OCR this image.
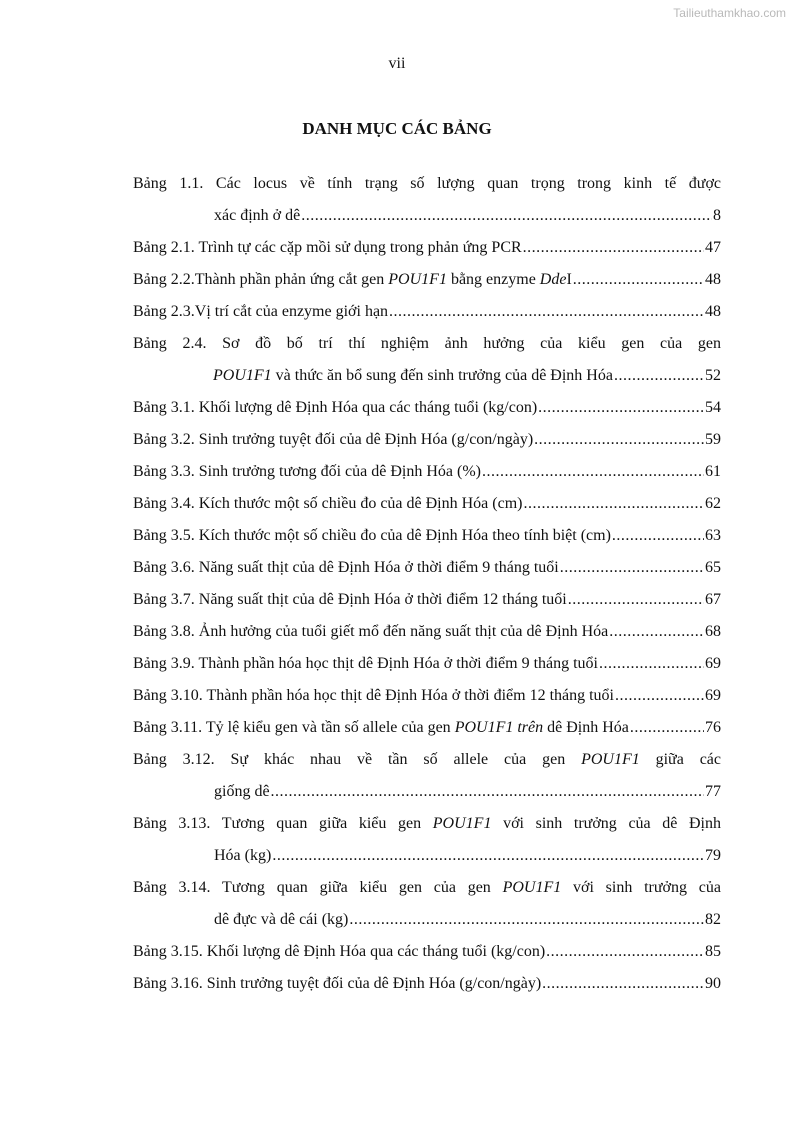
Tailieuthamkhao.com
vii
DANH MỤC CÁC BẢNG
Bảng 1.1. Các locus về tính trạng số lượng quan trọng trong kinh tế được
xác định ở dê .....	8
Bảng 2.1. Trình tự các cặp mồi sử dụng trong phản ứng PCR .....	47
Bảng 2.2.Thành phần phản ứng cắt gen POU1F1 bằng enzyme DdeI .....	48
Bảng 2.3.Vị trí cắt của enzyme giới hạn .....	48
Bảng 2.4. Sơ đồ bố trí thí nghiệm ảnh hưởng của kiểu gen của gen
POU1F1 và thức ăn bổ sung đến sinh trưởng của dê Định Hóa .....	52
Bảng 3.1. Khối lượng dê Định Hóa qua các tháng tuổi (kg/con) .....	54
Bảng 3.2. Sinh trưởng tuyệt đối của dê Định Hóa (g/con/ngày) .....	59
Bảng 3.3. Sinh trưởng tương đối của dê Định Hóa (%) .....	61
Bảng 3.4. Kích thước một số chiều đo của dê Định Hóa (cm) .....	62
Bảng 3.5. Kích thước một số chiều đo của dê Định Hóa theo tính biệt (cm) .....	63
Bảng 3.6. Năng suất thịt của dê Định Hóa ở thời điểm 9 tháng tuổi .....	65
Bảng 3.7. Năng suất thịt của dê Định Hóa ở thời điểm 12 tháng tuổi .....	67
Bảng 3.8. Ảnh hưởng của tuổi giết mổ đến năng suất thịt của dê Định Hóa .....	68
Bảng 3.9. Thành phần hóa học thịt dê Định Hóa ở thời điểm 9 tháng tuổi .....	69
Bảng 3.10. Thành phần hóa học thịt dê Định Hóa ở thời điểm 12 tháng tuổi .....	69
Bảng 3.11. Tỷ lệ kiểu gen và tần số allele của gen POU1F1 trên dê Định Hóa .....	76
Bảng 3.12. Sự khác nhau về tần số allele của gen POU1F1 giữa các
giống dê .....	77
Bảng 3.13. Tương quan giữa kiểu gen POU1F1 với sinh trưởng của dê Định
Hóa (kg) .....	79
Bảng 3.14. Tương quan giữa kiểu gen của gen POU1F1 với sinh trưởng của
dê đực và dê cái (kg) .....	82
Bảng 3.15. Khối lượng dê Định Hóa qua các tháng tuổi (kg/con) .....	85
Bảng 3.16. Sinh trưởng tuyệt đối của dê Định Hóa (g/con/ngày) .....	90
